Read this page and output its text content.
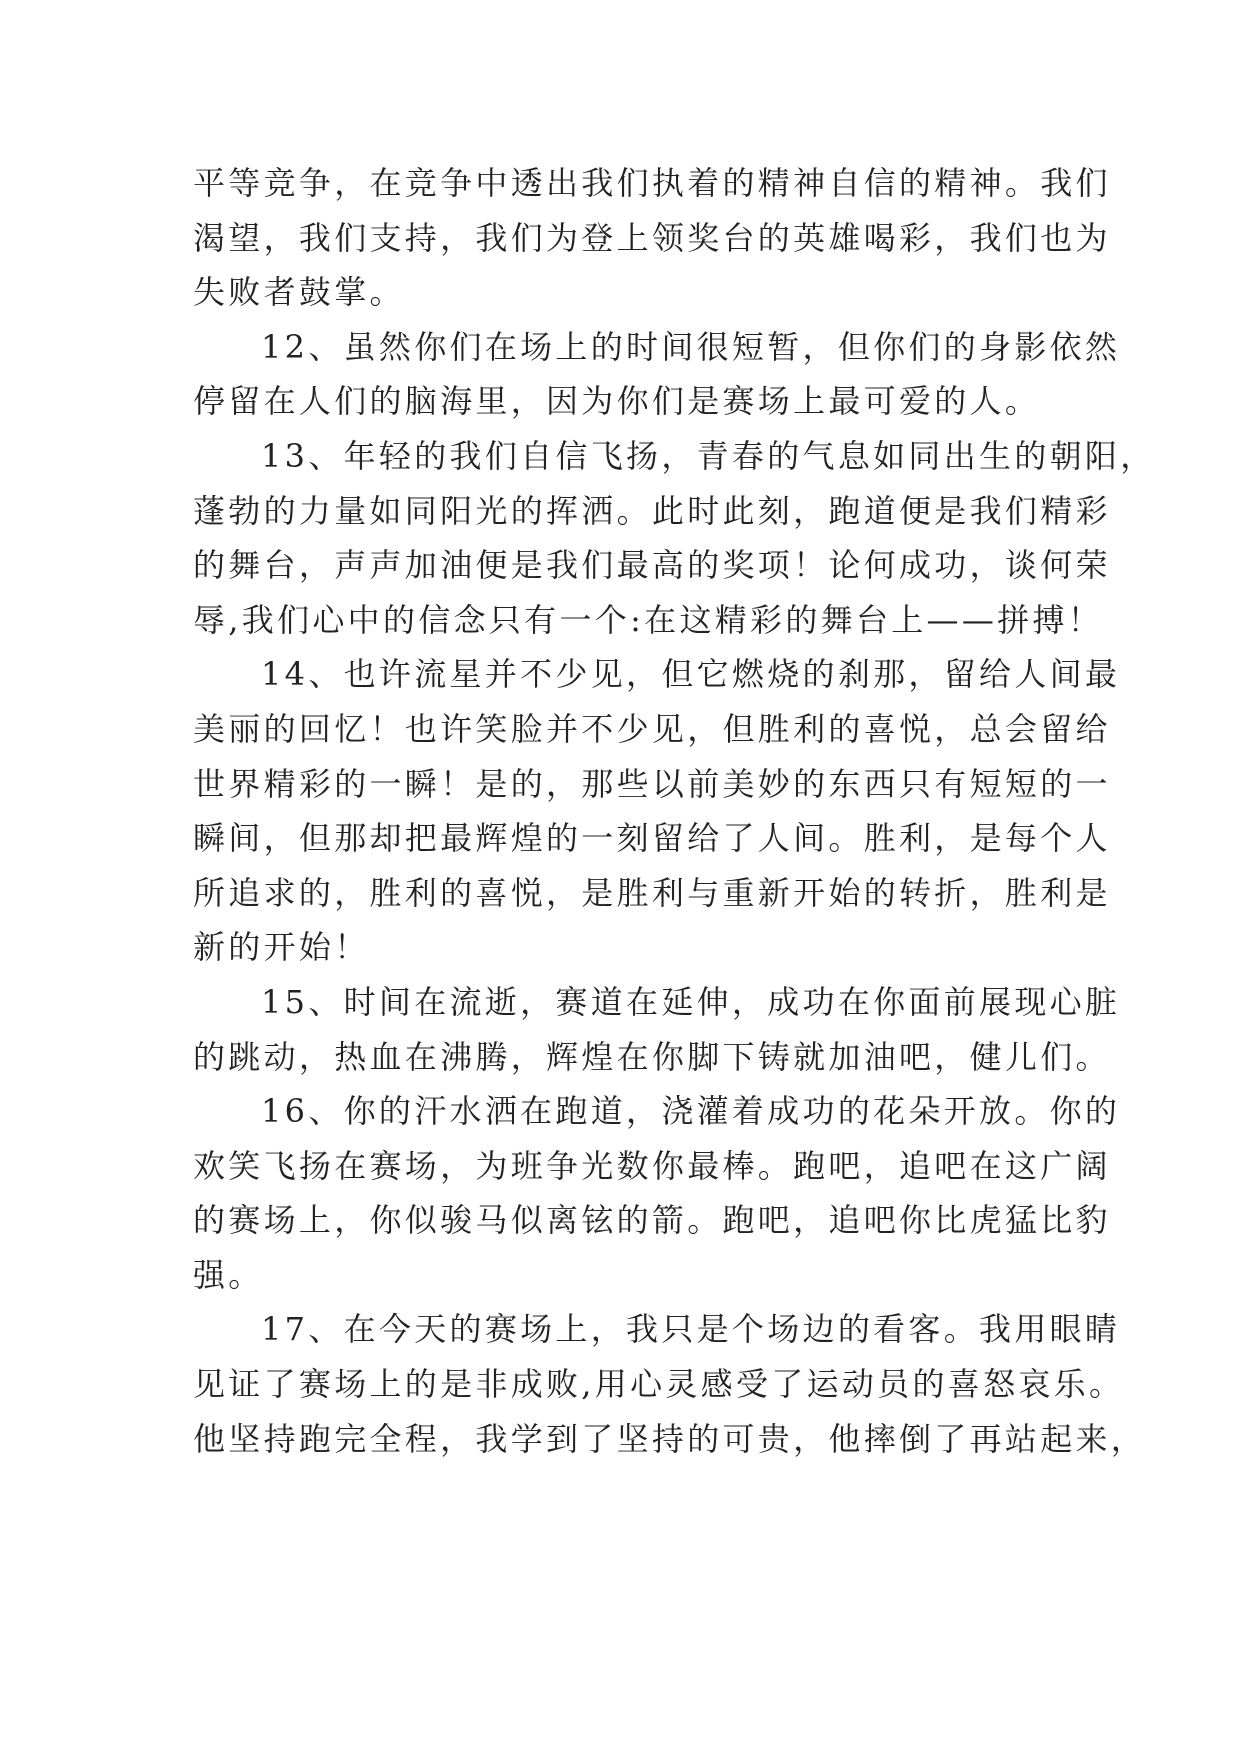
平等竞争，在竞争中透出我们执着的精神自信的精神。我们
渴望，我们支持，我们为登上领奖台的英雄喝彩，我们也为
失败者鼓掌。
12、虽然你们在场上的时间很短暂，但你们的身影依然
停留在人们的脑海里，因为你们是赛场上最可爱的人。
13、年轻的我们自信飞扬，青春的气息如同出生的朝阳，
蓬勃的力量如同阳光的挥洒。此时此刻，跑道便是我们精彩
的舞台，声声加油便是我们最高的奖项！论何成功，谈何荣
辱,我们心中的信念只有一个:在这精彩的舞台上——拼搏！
14、也许流星并不少见，但它燃烧的刹那，留给人间最
美丽的回忆！也许笑脸并不少见，但胜利的喜悦，总会留给
世界精彩的一瞬！是的，那些以前美妙的东西只有短短的一
瞬间，但那却把最辉煌的一刻留给了人间。胜利，是每个人
所追求的，胜利的喜悦，是胜利与重新开始的转折，胜利是
新的开始！
15、时间在流逝，赛道在延伸，成功在你面前展现心脏
的跳动，热血在沸腾，辉煌在你脚下铸就加油吧，健儿们。
16、你的汗水洒在跑道，浇灌着成功的花朵开放。你的
欢笑飞扬在赛场，为班争光数你最棒。跑吧，追吧在这广阔
的赛场上，你似骏马似离铉的箭。跑吧，追吧你比虎猛比豹
强。
17、在今天的赛场上，我只是个场边的看客。我用眼睛
见证了赛场上的是非成败,用心灵感受了运动员的喜怒哀乐。
他坚持跑完全程，我学到了坚持的可贵，他摔倒了再站起来，
